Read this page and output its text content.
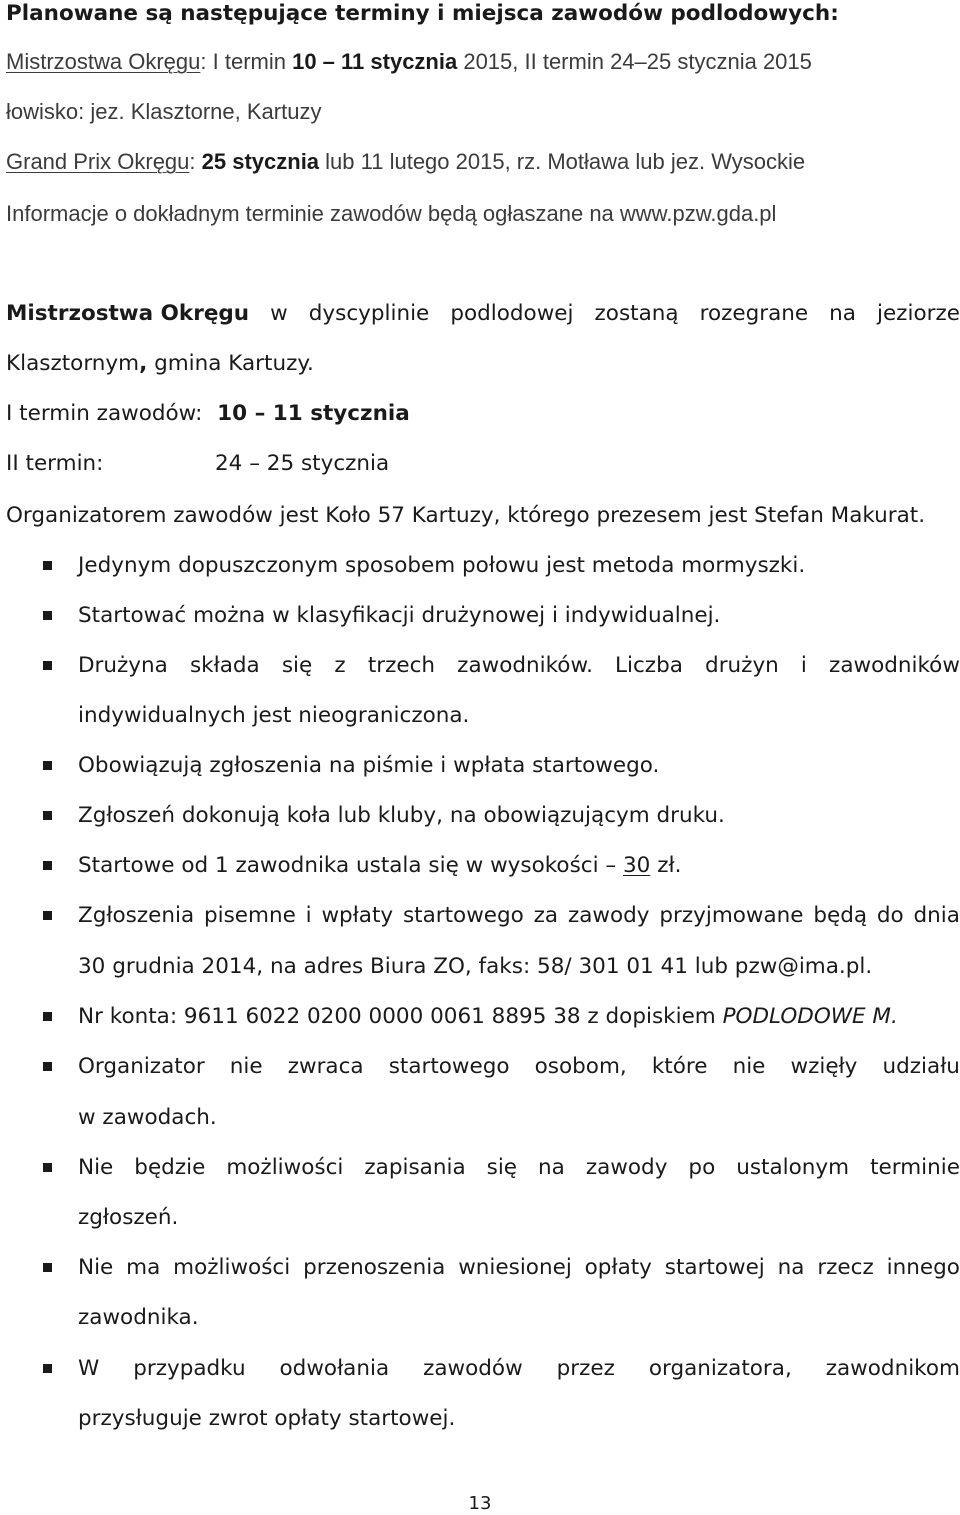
Planowane są następujące terminy i miejsca zawodów podlodowych:
Mistrzostwa Okręgu: I termin 10 – 11 stycznia 2015, II termin 24–25 stycznia 2015
łowisko: jez. Klasztorne, Kartuzy
Grand Prix Okręgu: 25 stycznia lub 11 lutego 2015, rz. Motława lub jez. Wysockie
Informacje o dokładnym terminie zawodów będą ogłaszane na www.pzw.gda.pl
Mistrzostwa Okręgu w dyscyplinie podlodowej zostaną rozegrane na jeziorze
Klasztornym, gmina Kartuzy.
I termin zawodów: 10 – 11 stycznia
II termin:	24 – 25 stycznia
Organizatorem zawodów jest Koło 57 Kartuzy, którego prezesem jest Stefan Makurat.
Jedynym dopuszczonym sposobem połowu jest metoda mormyszki.
Startować można w klasyfikacji drużynowej i indywidualnej.
Drużyna składa się z trzech zawodników. Liczba drużyn i zawodników
indywidualnych jest nieograniczona.
Obowiązują zgłoszenia na piśmie i wpłata startowego.
Zgłoszeń dokonują koła lub kluby, na obowiązującym druku.
Startowe od 1 zawodnika ustala się w wysokości – 30 zł.
Zgłoszenia pisemne i wpłaty startowego za zawody przyjmowane będą do dnia
30 grudnia 2014, na adres Biura ZO, faks: 58/ 301 01 41 lub pzw@ima.pl.
Nr konta: 9611 6022 0200 0000 0061 8895 38 z dopiskiem PODLODOWE M.
Organizator nie zwraca startowego osobom, które nie wzięły udziału
w zawodach.
Nie będzie możliwości zapisania się na zawody po ustalonym terminie
zgłoszeń.
Nie ma możliwości przenoszenia wniesionej opłaty startowej na rzecz innego
zawodnika.
W przypadku odwołania zawodów przez organizatora, zawodnikom
przysługuje zwrot opłaty startowej.
13
